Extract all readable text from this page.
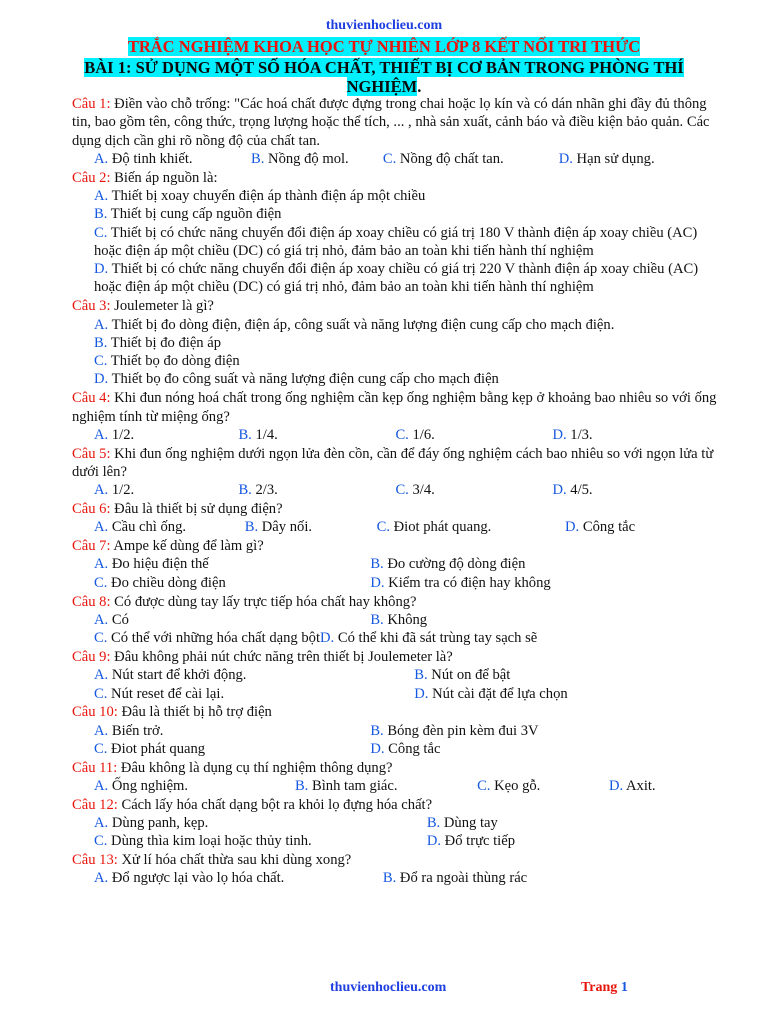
thuvienhoclieu.com
TRẮC NGHIỆM KHOA HỌC TỰ NHIÊN LỚP 8 KẾT NỐI TRI THỨC
BÀI 1: SỬ DỤNG MỘT SỐ HÓA CHẤT, THIẾT BỊ CƠ BẢN TRONG PHÒNG THÍ
NGHIỆM.
Câu 1: Điền vào chỗ trống: "Các hoá chất được đựng trong chai hoặc lọ kín và có dán nhãn ghi đầy đủ thông tin, bao gồm tên, công thức, trọng lượng hoặc thể tích, ... , nhà sản xuất, cảnh báo và điều kiện bảo quản. Các dụng dịch cần ghi rõ nồng độ của chất tan.
A. Độ tinh khiết.	B. Nồng độ mol.	C. Nồng độ chất tan.	D. Hạn sử dụng.
Câu 2: Biến áp nguồn là:
A. Thiết bị xoay chuyển điện áp thành điện áp một chiều
B. Thiết bị cung cấp nguồn điện
C. Thiết bị có chức năng chuyển đổi điện áp xoay chiều có giá trị 180 V thành điện áp xoay chiều (AC) hoặc điện áp một chiều (DC) có giá trị nhỏ, đảm bảo an toàn khi tiến hành thí nghiệm
D. Thiết bị có chức năng chuyển đổi điện áp xoay chiều có giá trị 220 V thành điện áp xoay chiều (AC) hoặc điện áp một chiều (DC) có giá trị nhỏ, đảm bảo an toàn khi tiến hành thí nghiệm
Câu 3: Joulemeter là gì?
A. Thiết bị đo dòng điện, điện áp, công suất và năng lượng điện cung cấp cho mạch điện.
B. Thiết bị đo điện áp
C. Thiết bọ đo dòng điện
D. Thiết bọ đo công suất và năng lượng điện cung cấp cho mạch điện
Câu 4: Khi đun nóng hoá chất trong ống nghiệm cần kẹp ống nghiệm bằng kẹp ở khoảng bao nhiêu so với ống nghiệm tính từ miệng ống?
A. 1/2.	B. 1/4.	C. 1/6.	D. 1/3.
Câu 5: Khi đun ống nghiệm dưới ngọn lửa đèn cồn, cần để đáy ống nghiệm cách bao nhiêu so với ngọn lửa từ dưới lên?
A. 1/2.	B. 2/3.	C. 3/4.	D. 4/5.
Câu 6: Đâu là thiết bị sử dụng điện?
A. Cầu chì ống.	B. Dây nối.	C. Điot phát quang.	D. Công tắc
Câu 7: Ampe kế dùng để làm gì?
A. Đo hiệu điện thế	B. Đo cường độ dòng điện
C. Đo chiều dòng điện	D. Kiểm tra có điện hay không
Câu 8: Có được dùng tay lấy trực tiếp hóa chất hay không?
A. Có	B. Không
C. Có thể với những hóa chất dạng bột D. Có thể khi đã sát trùng tay sạch sẽ
Câu 9: Đâu không phải nút chức năng trên thiết bị Joulemeter là?
A. Nút start để khởi động.	B. Nút on để bật
C. Nút reset để cài lại.	D. Nút cài đặt để lựa chọn
Câu 10: Đâu là thiết bị hỗ trợ điện
A. Biến trở.	B. Bóng đèn pin kèm đui 3V
C. Điot phát quang	D. Công tắc
Câu 11: Đâu không là dụng cụ thí nghiệm thông dụng?
A. Ống nghiệm.	B. Bình tam giác.	C. Kẹo gỗ.	D. Axit.
Câu 12: Cách lấy hóa chất dạng bột ra khỏi lọ đựng hóa chất?
A. Dùng panh, kẹp.	B. Dùng tay
C. Dùng thìa kim loại hoặc thủy tinh.	D. Đổ trực tiếp
Câu 13: Xử lí hóa chất thừa sau khi dùng xong?
A. Đổ ngược lại vào lọ hóa chất.	B. Đổ ra ngoài thùng rác
thuvienhoclieu.com	Trang 1
